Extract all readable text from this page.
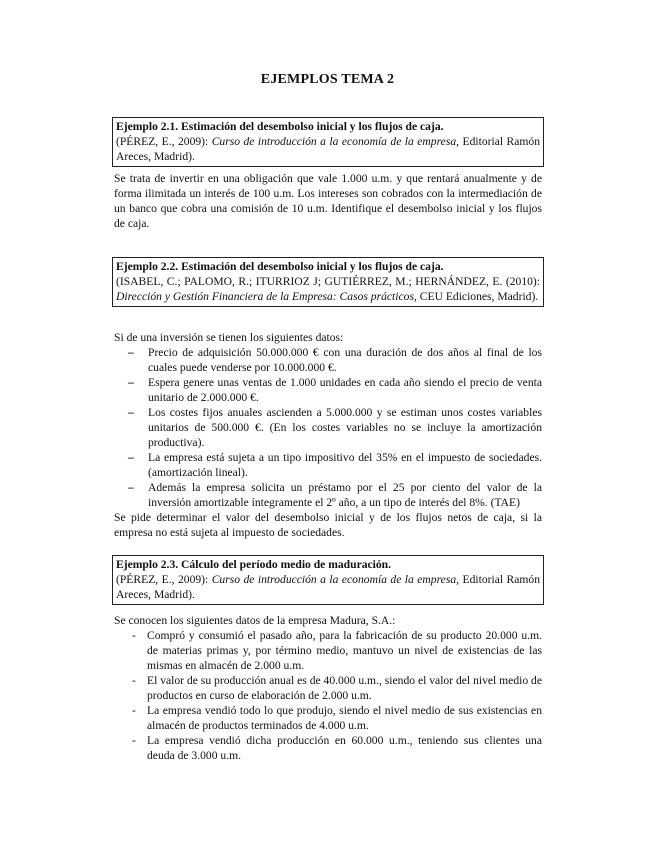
EJEMPLOS TEMA 2
Ejemplo 2.1. Estimación del desembolso inicial y los flujos de caja.
(PÉREZ, E., 2009): Curso de introducción a la economía de la empresa, Editorial Ramón Areces, Madrid).
Se trata de invertir en una obligación que vale 1.000 u.m. y que rentará anualmente y de forma ilimitada un interés de 100 u.m. Los intereses son cobrados con la intermediación de un banco que cobra una comisión de 10 u.m. Identifique el desembolso inicial y los flujos de caja.
Ejemplo 2.2. Estimación del desembolso inicial y los flujos de caja.
(ISABEL, C.; PALOMO, R.; ITURRIOZ J; GUTIÉRREZ, M.; HERNÁNDEZ, E. (2010): Dirección y Gestión Financiera de la Empresa: Casos prácticos, CEU Ediciones, Madrid).
Si de una inversión se tienen los siguientes datos:
– Precio de adquisición 50.000.000 € con una duración de dos años al final de los cuales puede venderse por 10.000.000 €.
– Espera genere unas ventas de 1.000 unidades en cada año siendo el precio de venta unitario de 2.000.000 €.
– Los costes fijos anuales ascienden a 5.000.000 y se estiman unos costes variables unitarios de 500.000 €. (En los costes variables no se incluye la amortización productiva).
– La empresa está sujeta a un tipo impositivo del 35% en el impuesto de sociedades. (amortización lineal).
– Además la empresa solicita un préstamo por el 25 por ciento del valor de la inversión amortizable íntegramente el 2º año, a un tipo de interés del 8%. (TAE)
Se pide determinar el valor del desembolso inicial y de los flujos netos de caja, si la empresa no está sujeta al impuesto de sociedades.
Ejemplo 2.3. Cálculo del período medio de maduración.
(PÉREZ, E., 2009): Curso de introducción a la economía de la empresa, Editorial Ramón Areces, Madrid).
Se conocen los siguientes datos de la empresa Madura, S.A.:
- Compró y consumió el pasado año, para la fabricación de su producto 20.000 u.m. de materias primas y, por término medio, mantuvo un nivel de existencias de las mismas en almacén de 2.000 u.m.
- El valor de su producción anual es de 40.000 u.m., siendo el valor del nivel medio de productos en curso de elaboración de 2.000 u.m.
- La empresa vendió todo lo que produjo, siendo el nivel medio de sus existencias en almacén de productos terminados de 4.000 u.m.
- La empresa vendió dicha producción en 60.000 u.m., teniendo sus clientes una deuda de 3.000 u.m.
